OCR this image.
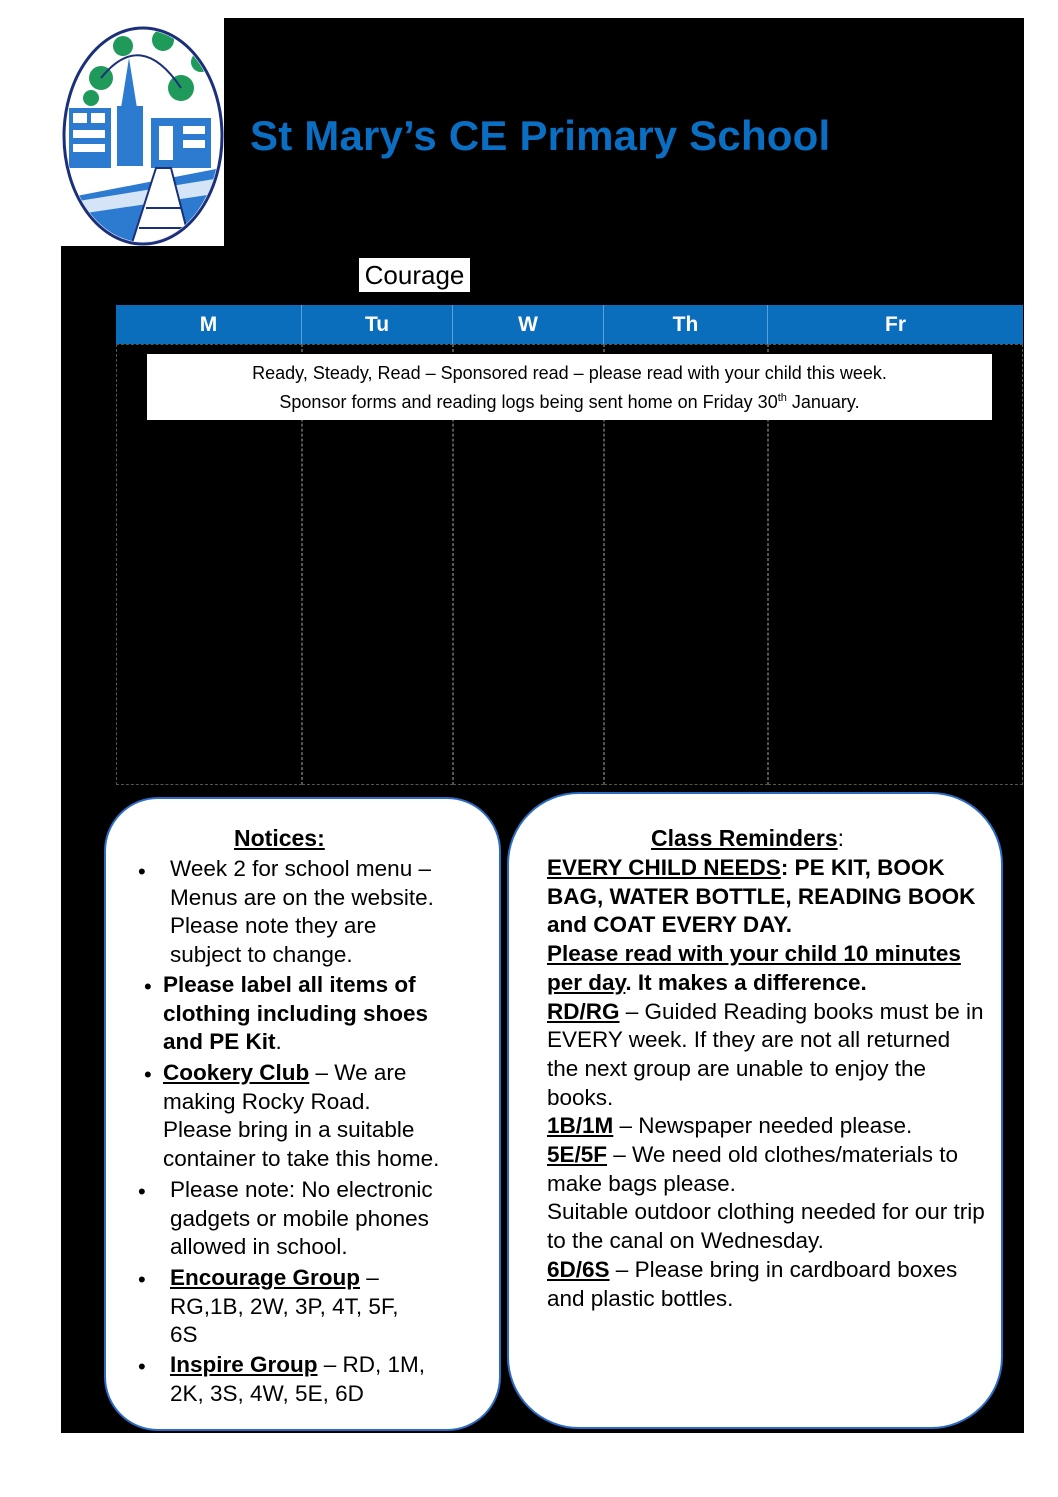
St Mary’s CE Primary School
Courage
M	Tu	W	Th	Fr
Ready, Steady, Read – Sponsored read – please read with your child this week.
Sponsor forms and reading logs being sent home on Friday 30th January.
Notices:
• Week 2 for school menu –
Menus are on the website.
Please note they are
subject to change.
• Please label all items of
clothing including shoes
and PE Kit.
• Cookery Club – We are
making Rocky Road.
Please bring in a suitable
container to take this home.
• Please note: No electronic
gadgets or mobile phones
allowed in school.
• Encourage Group –
RG,1B, 2W, 3P, 4T, 5F,
6S
• Inspire Group – RD, 1M,
2K, 3S, 4W, 5E, 6D
Class Reminders:
EVERY CHILD NEEDS: PE KIT, BOOK BAG, WATER BOTTLE, READING BOOK and COAT EVERY DAY.
Please read with your child 10 minutes per day. It makes a difference.
RD/RG – Guided Reading books must be in EVERY week. If they are not all returned the next group are unable to enjoy the books.
1B/1M – Newspaper needed please.
5E/5F – We need old clothes/materials to make bags please.
Suitable outdoor clothing needed for our trip to the canal on Wednesday.
6D/6S – Please bring in cardboard boxes and plastic bottles.
